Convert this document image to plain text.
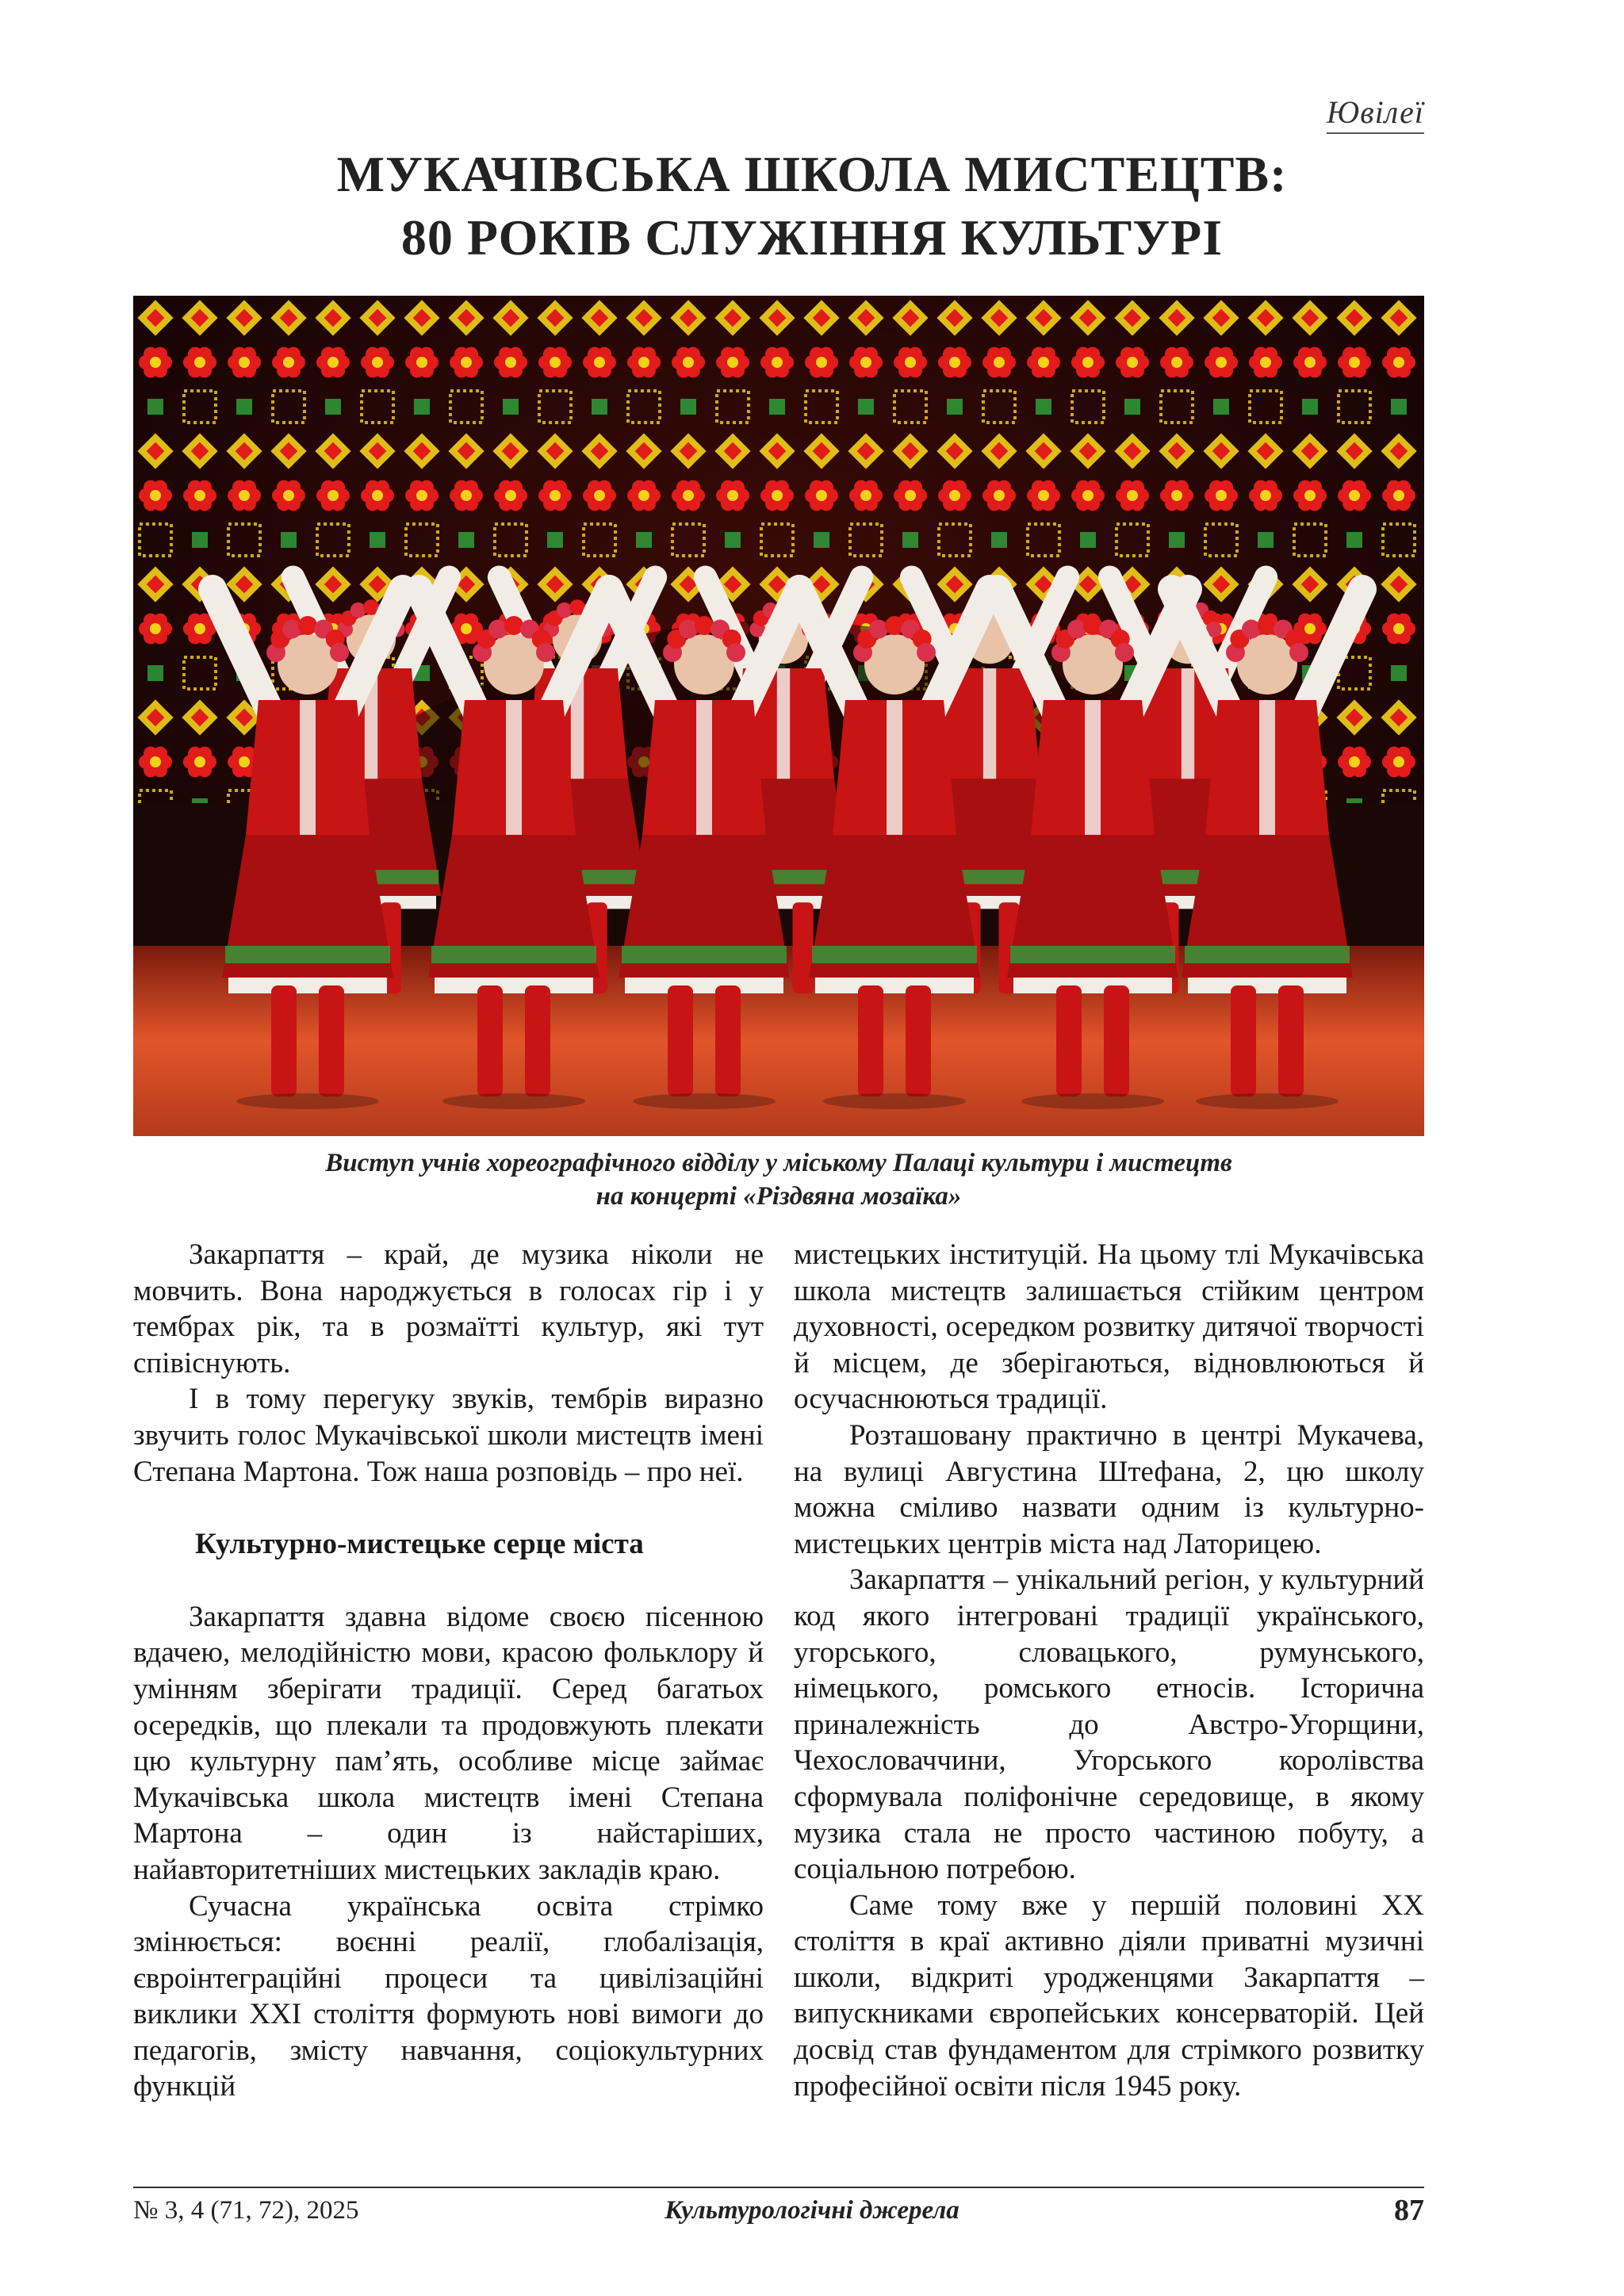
Ювілеї
МУКАЧІВСЬКА ШКОЛА МИСТЕЦТВ:
80 РОКІВ СЛУЖІННЯ КУЛЬТУРІ
Виступ учнів хореографічного відділу у міському Палаці культури і мистецтв
на концерті «Різдвяна мозаїка»

Закарпаття – край, де музика ніколи не мовчить. Вона народжується в голосах гір і у тембрах рік, та в розмаїтті культур, які тут співіснують.

І в тому перегуку звуків, тембрів виразно звучить голос Мукачівської школи мистецтв імені Степана Мартона. Тож наша розповідь – про неї.

Культурно-мистецьке серце міста

Закарпаття здавна відоме своєю пісенною вдачею, мелодійністю мови, красою фольклору й умінням зберігати традиції. Серед багатьох осередків, що плекали та продовжують плекати цю культурну пам’ять, особливе місце займає Мукачівська школа мистецтв імені Степана Мартона – один із найстаріших, найавторитетніших мистецьких закладів краю.

Сучасна українська освіта стрімко змінюється: воєнні реалії, глобалізація, євроінтеграційні процеси та цивілізаційні виклики XXI століття формують нові вимоги до педагогів, змісту навчання, соціокультурних функцій

мистецьких інституцій. На цьому тлі Мукачівська школа мистецтв залишається стійким центром духовності, осередком розвитку дитячої творчості й місцем, де зберігаються, відновлюються й осучаснюються традиції.

Розташовану практично в центрі Мукачева, на вулиці Августина Штефана, 2, цю школу можна сміливо назвати одним із культурно-мистецьких центрів міста над Латорицею.

Закарпаття – унікальний регіон, у культурний код якого інтегровані традиції українського, угорського, словацького, румунського, німецького, ромського етносів. Історична приналежність до Австро-Угорщини, Чехословаччини, Угорського королівства сформувала поліфонічне середовище, в якому музика стала не просто частиною побуту, а соціальною потребою.

Саме тому вже у першій половині XX століття в краї активно діяли приватні музичні школи, відкриті уродженцями Закарпаття – випускниками європейських консерваторій. Цей досвід став фундаментом для стрімкого розвитку професійної освіти після 1945 року.

№ 3, 4 (71, 72), 2025	Культурологічні джерела	87
